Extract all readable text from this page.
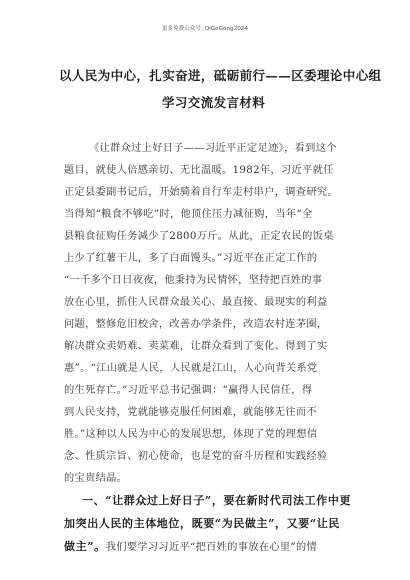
更多免费公众号: QiGoGong2024
以人民为中心，扎实奋进，砥砺前行——区委理论中心组
学习交流发言材料
《让群众过上好日子——习近平正定足迹》，看到这个
题目，就使人倍感亲切、无比温暖。1982年，习近平就任
正定县委副书记后，开始骑着自行车走村串户，调查研究。
当得知“粮食不够吃”时，他顶住压力减征购，当年“全
县粮食征购任务减少了2800万斤。从此，正定农民的饭桌
上少了红薯干儿，多了白面馒头。”习近平在正定工作的
“一千多个日日夜夜，他秉持为民情怀，坚持把百姓的事
放在心里，抓住人民群众最关心、最直接、最现实的利益
问题，整修危旧校舍，改善办学条件，改造农村连茅圈，
解决群众卖奶难、卖菜难，让群众看到了变化、得到了实
惠”。“江山就是人民，人民就是江山，人心向背关系党
的生死存亡。”习近平总书记强调：“赢得人民信任，得
到人民支持，党就能够克服任何困难，就能够无往而不
胜。”这种以人民为中心的发展思想，体现了党的理想信
念、性质宗旨、初心使命，也是党的奋斗历程和实践经验
的宝贵结晶。
一、“让群众过上好日子”，要在新时代司法工作中更
加突出人民的主体地位，既要“为民做主”，又要“让民
做主”。我们要学习习近平“把百姓的事放在心里”的情
